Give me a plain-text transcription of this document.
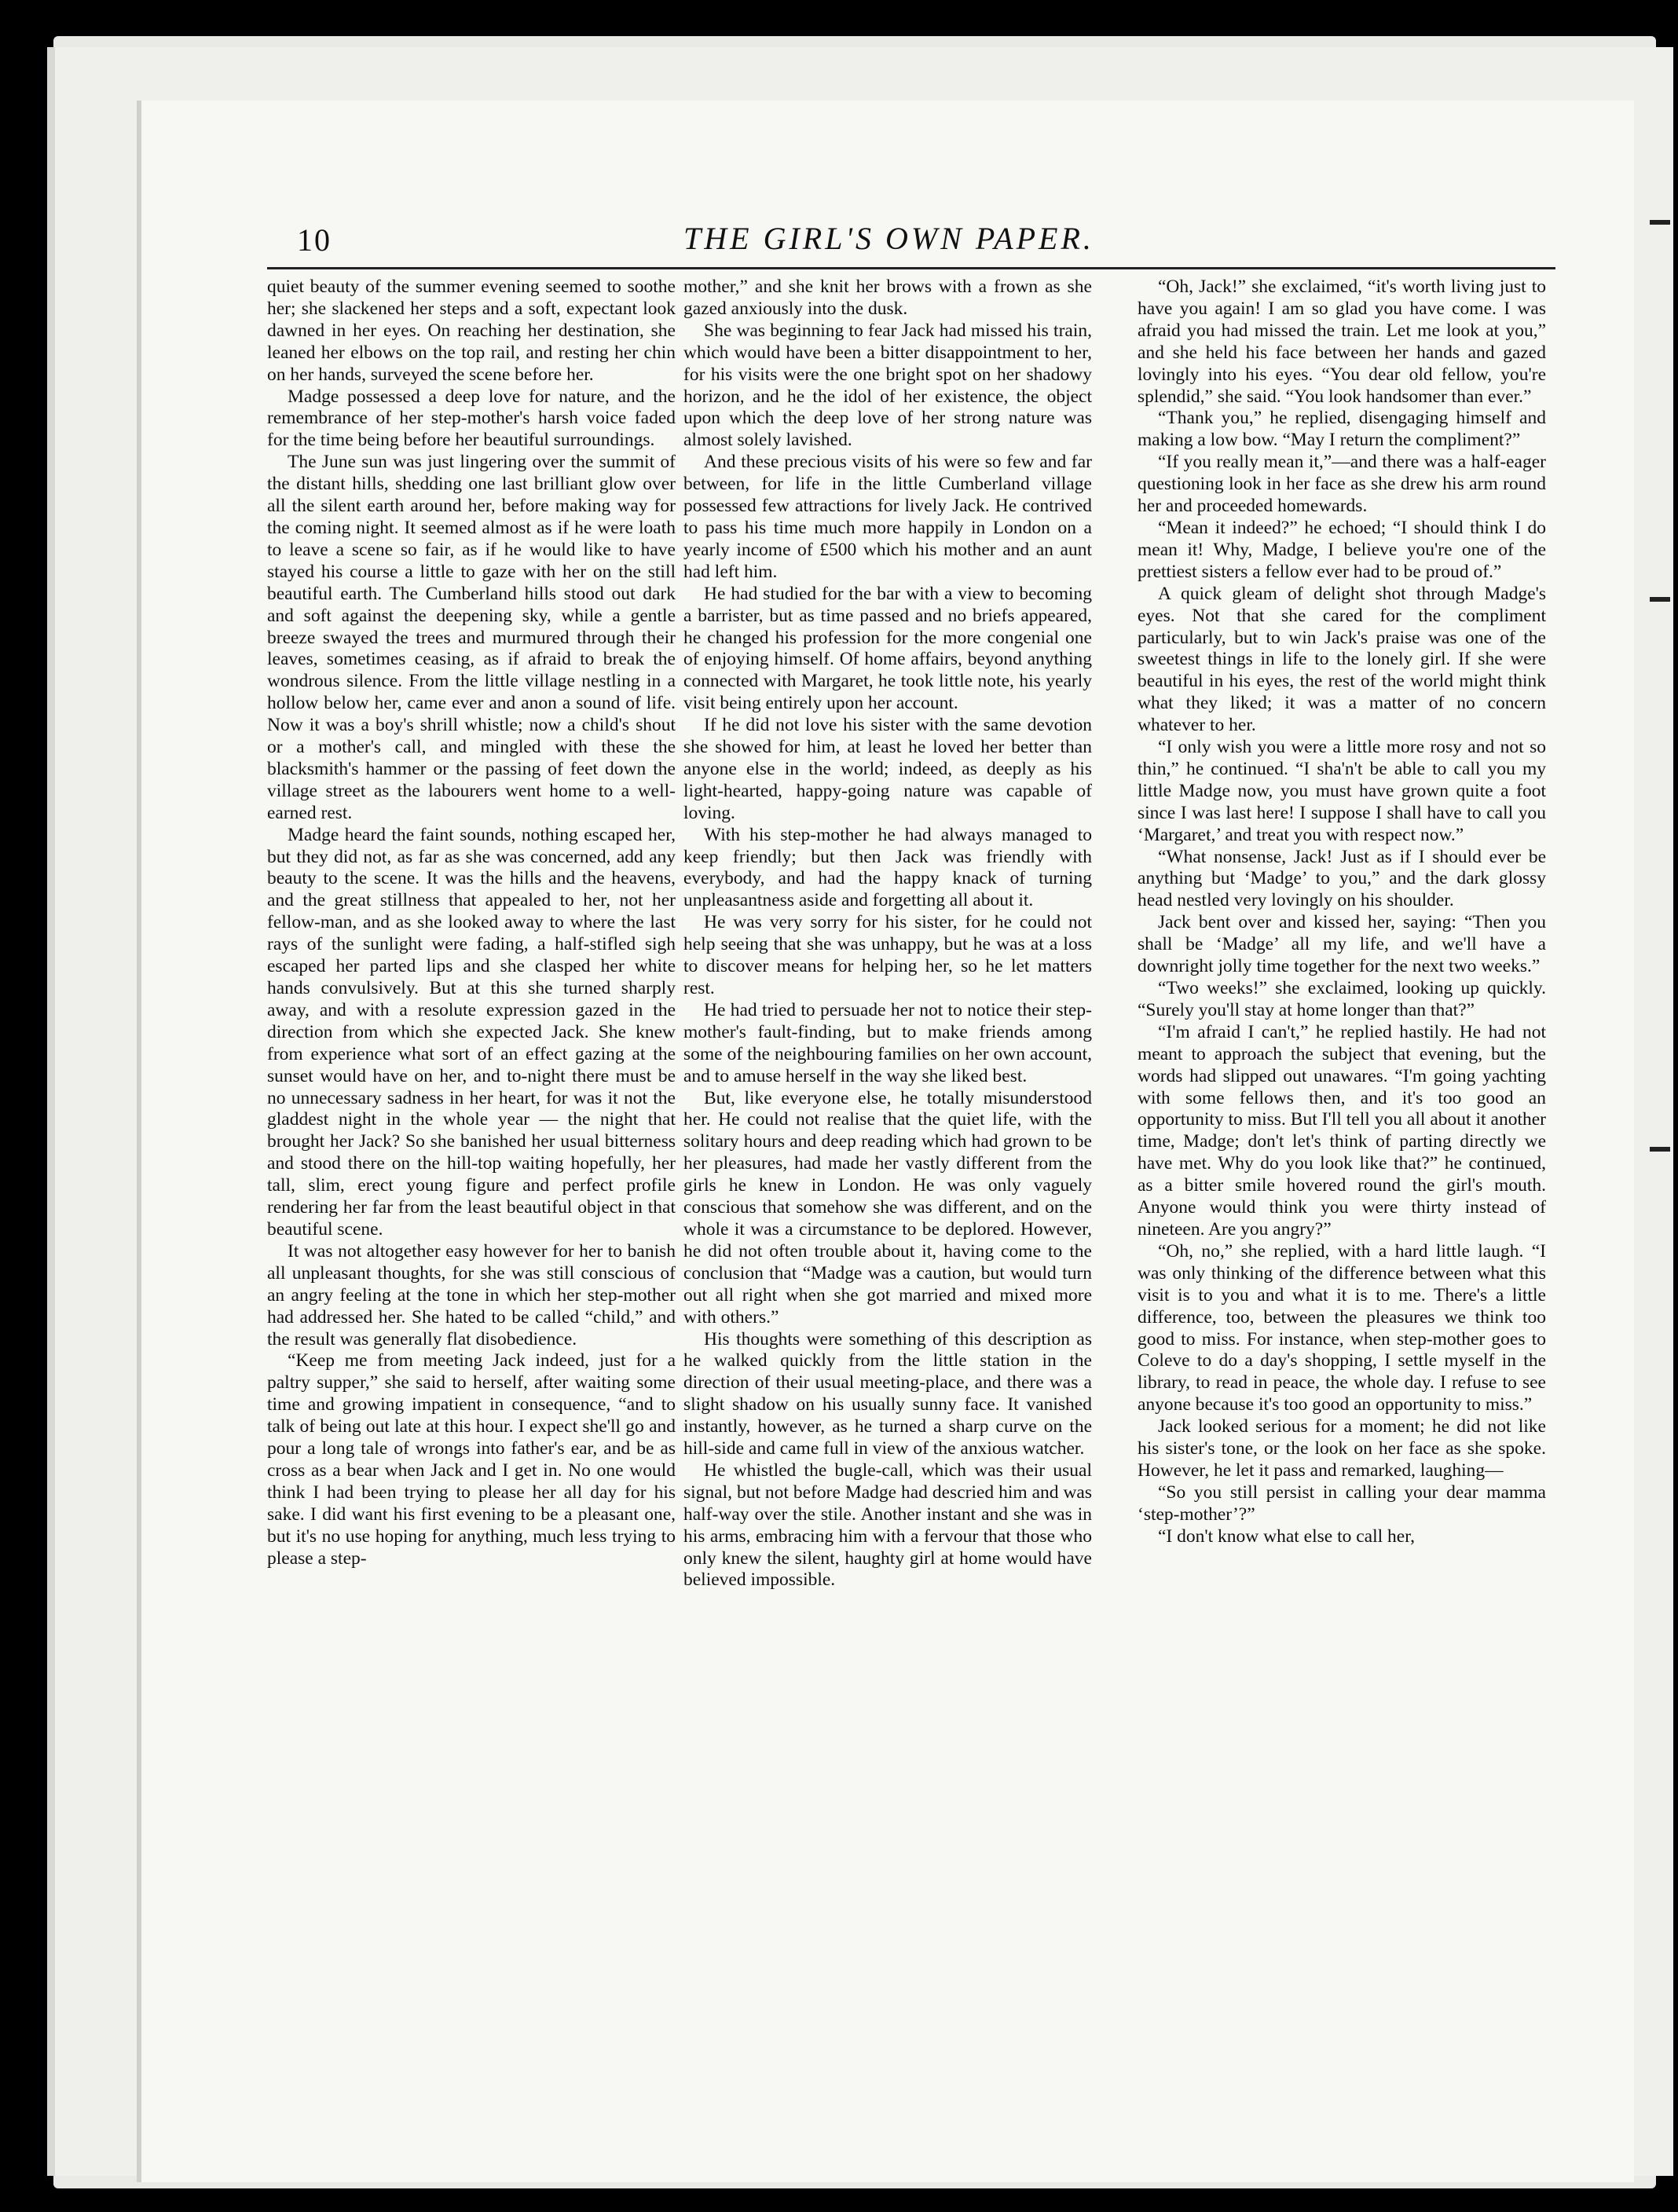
10	THE GIRL'S OWN PAPER.

quiet beauty of the summer evening seemed to soothe her; she slackened her steps and a soft, expectant look dawned in her eyes. On reaching her destination, she leaned her elbows on the top rail, and resting her chin on her hands, surveyed the scene before her.

Madge possessed a deep love for nature, and the remembrance of her step-mother's harsh voice faded for the time being before her beautiful surroundings.

The June sun was just lingering over the summit of the distant hills, shedding one last brilliant glow over all the silent earth around her, before making way for the coming night. It seemed almost as if he were loath to leave a scene so fair, as if he would like to have stayed his course a little to gaze with her on the still beautiful earth. The Cumberland hills stood out dark and soft against the deepening sky, while a gentle breeze swayed the trees and murmured through their leaves, sometimes ceasing, as if afraid to break the wondrous silence. From the little village nestling in a hollow below her, came ever and anon a sound of life. Now it was a boy's shrill whistle; now a child's shout or a mother's call, and mingled with these the blacksmith's hammer or the passing of feet down the village street as the labourers went home to a well-earned rest.

Madge heard the faint sounds, nothing escaped her, but they did not, as far as she was concerned, add any beauty to the scene. It was the hills and the heavens, and the great stillness that appealed to her, not her fellow-man, and as she looked away to where the last rays of the sunlight were fading, a half-stifled sigh escaped her parted lips and she clasped her white hands convulsively. But at this she turned sharply away, and with a resolute expression gazed in the direction from which she expected Jack. She knew from experience what sort of an effect gazing at the sunset would have on her, and to-night there must be no unnecessary sadness in her heart, for was it not the gladdest night in the whole year — the night that brought her Jack? So she banished her usual bitterness and stood there on the hill-top waiting hopefully, her tall, slim, erect young figure and perfect profile rendering her far from the least beautiful object in that beautiful scene.

It was not altogether easy however for her to banish all unpleasant thoughts, for she was still conscious of an angry feeling at the tone in which her step-mother had addressed her. She hated to be called “child,” and the result was generally flat disobedience.

“Keep me from meeting Jack indeed, just for a paltry supper,” she said to herself, after waiting some time and growing impatient in consequence, “and to talk of being out late at this hour. I expect she'll go and pour a long tale of wrongs into father's ear, and be as cross as a bear when Jack and I get in. No one would think I had been trying to please her all day for his sake. I did want his first evening to be a pleasant one, but it's no use hoping for anything, much less trying to please a step-

mother,” and she knit her brows with a frown as she gazed anxiously into the dusk.

She was beginning to fear Jack had missed his train, which would have been a bitter disappointment to her, for his visits were the one bright spot on her shadowy horizon, and he the idol of her existence, the object upon which the deep love of her strong nature was almost solely lavished.

And these precious visits of his were so few and far between, for life in the little Cumberland village possessed few attractions for lively Jack. He contrived to pass his time much more happily in London on a yearly income of £500 which his mother and an aunt had left him.

He had studied for the bar with a view to becoming a barrister, but as time passed and no briefs appeared, he changed his profession for the more congenial one of enjoying himself. Of home affairs, beyond anything connected with Margaret, he took little note, his yearly visit being entirely upon her account.

If he did not love his sister with the same devotion she showed for him, at least he loved her better than anyone else in the world; indeed, as deeply as his light-hearted, happy-going nature was capable of loving.

With his step-mother he had always managed to keep friendly; but then Jack was friendly with everybody, and had the happy knack of turning unpleasantness aside and forgetting all about it.

He was very sorry for his sister, for he could not help seeing that she was unhappy, but he was at a loss to discover means for helping her, so he let matters rest.

He had tried to persuade her not to notice their step-mother's fault-finding, but to make friends among some of the neighbouring families on her own account, and to amuse herself in the way she liked best.

But, like everyone else, he totally misunderstood her. He could not realise that the quiet life, with the solitary hours and deep reading which had grown to be her pleasures, had made her vastly different from the girls he knew in London. He was only vaguely conscious that somehow she was different, and on the whole it was a circumstance to be deplored. However, he did not often trouble about it, having come to the conclusion that “Madge was a caution, but would turn out all right when she got married and mixed more with others.”

His thoughts were something of this description as he walked quickly from the little station in the direction of their usual meeting-place, and there was a slight shadow on his usually sunny face. It vanished instantly, however, as he turned a sharp curve on the hill-side and came full in view of the anxious watcher.

He whistled the bugle-call, which was their usual signal, but not before Madge had descried him and was half-way over the stile. Another instant and she was in his arms, embracing him with a fervour that those who only knew the silent, haughty girl at home would have believed impossible.

“Oh, Jack!” she exclaimed, “it's worth living just to have you again! I am so glad you have come. I was afraid you had missed the train. Let me look at you,” and she held his face between her hands and gazed lovingly into his eyes. “You dear old fellow, you're splendid,” she said. “You look handsomer than ever.”

“Thank you,” he replied, disengaging himself and making a low bow. “May I return the compliment?”

“If you really mean it,”—and there was a half-eager questioning look in her face as she drew his arm round her and proceeded homewards.

“Mean it indeed?” he echoed; “I should think I do mean it! Why, Madge, I believe you're one of the prettiest sisters a fellow ever had to be proud of.”

A quick gleam of delight shot through Madge's eyes. Not that she cared for the compliment particularly, but to win Jack's praise was one of the sweetest things in life to the lonely girl. If she were beautiful in his eyes, the rest of the world might think what they liked; it was a matter of no concern whatever to her.

“I only wish you were a little more rosy and not so thin,” he continued. “I sha'n't be able to call you my little Madge now, you must have grown quite a foot since I was last here! I suppose I shall have to call you ‘Margaret,’ and treat you with respect now.”

“What nonsense, Jack! Just as if I should ever be anything but ‘Madge’ to you,” and the dark glossy head nestled very lovingly on his shoulder.

Jack bent over and kissed her, saying: “Then you shall be ‘Madge’ all my life, and we'll have a downright jolly time together for the next two weeks.”

“Two weeks!” she exclaimed, looking up quickly. “Surely you'll stay at home longer than that?”

“I'm afraid I can't,” he replied hastily. He had not meant to approach the subject that evening, but the words had slipped out unawares. “I'm going yachting with some fellows then, and it's too good an opportunity to miss. But I'll tell you all about it another time, Madge; don't let's think of parting directly we have met. Why do you look like that?” he continued, as a bitter smile hovered round the girl's mouth. Anyone would think you were thirty instead of nineteen. Are you angry?”

“Oh, no,” she replied, with a hard little laugh. “I was only thinking of the difference between what this visit is to you and what it is to me. There's a little difference, too, between the pleasures we think too good to miss. For instance, when step-mother goes to Coleve to do a day's shopping, I settle myself in the library, to read in peace, the whole day. I refuse to see anyone because it's too good an opportunity to miss.”

Jack looked serious for a moment; he did not like his sister's tone, or the look on her face as she spoke. However, he let it pass and remarked, laughing—

“So you still persist in calling your dear mamma ‘step-mother’?”

“I don't know what else to call her,
